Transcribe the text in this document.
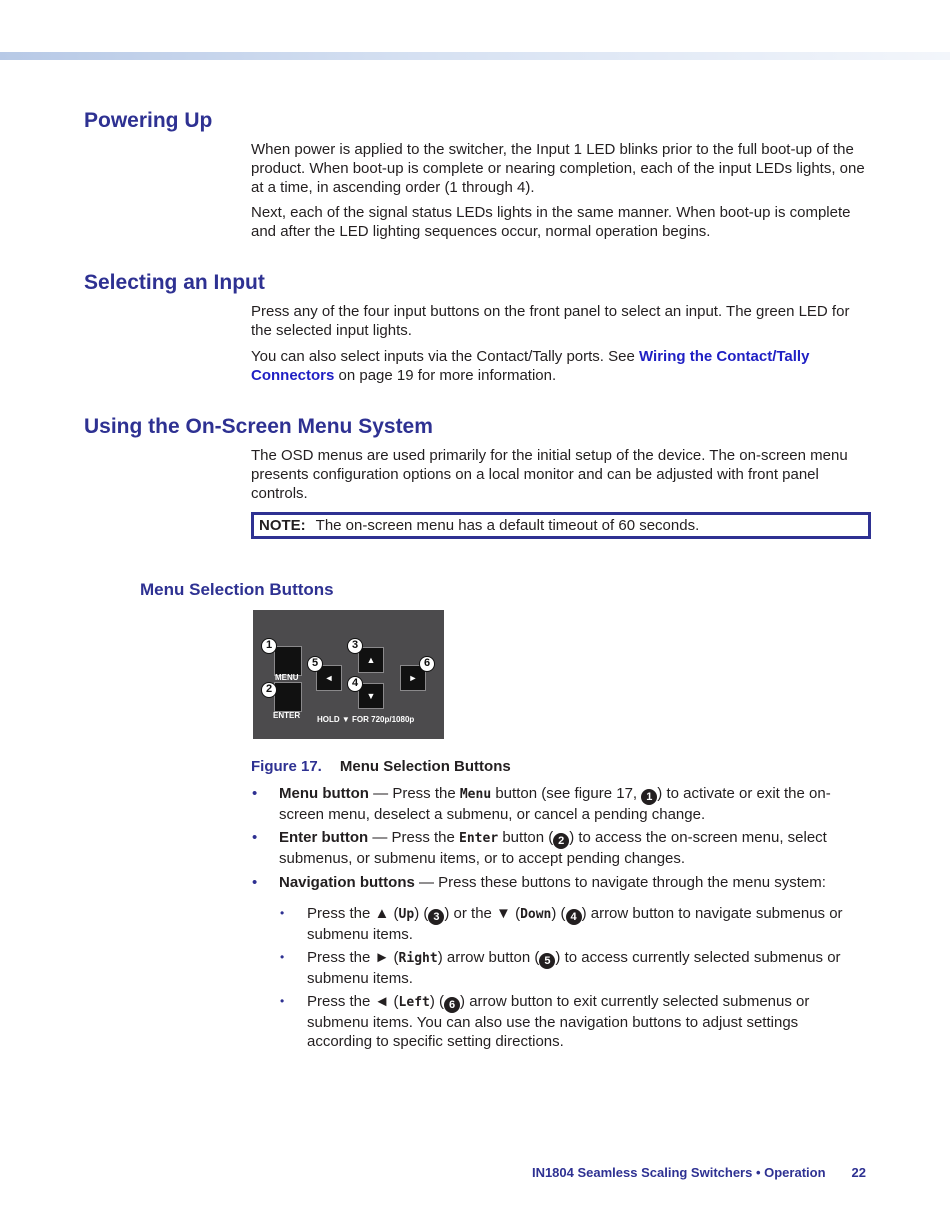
Powering Up

When power is applied to the switcher, the Input 1 LED blinks prior to the full boot-up of the product. When boot-up is complete or nearing completion, each of the input LEDs lights, one at a time, in ascending order (1 through 4).

Next, each of the signal status LEDs lights in the same manner. When boot-up is complete and after the LED lighting sequences occur, normal operation begins.

Selecting an Input

Press any of the four input buttons on the front panel to select an input. The green LED for the selected input lights.

You can also select inputs via the Contact/Tally ports. See Wiring the Contact/Tally Connectors on page 19 for more information.

Using the On-Screen Menu System

The OSD menus are used primarily for the initial setup of the device. The on-screen menu presents configuration options on a local monitor and can be adjusted with front panel controls.

NOTE: The on-screen menu has a default timeout of 60 seconds.
Menu Selection Buttons
MENU
ENTER
▲
▼
◄	►
HOLD ▼ FOR 720p/1080p
1
2
3
4
5	6
Figure 17. Menu Selection Buttons
• Menu button — Press the Menu button (see figure 17, 1 ) to activate or exit the on-screen menu, deselect a submenu, or cancel a pending change.
• Enter button — Press the Enter button ( 2 ) to access the on-screen menu, select submenus, or submenu items, or to accept pending changes.
• Navigation buttons — Press these buttons to navigate through the menu system:
• Press the ▲ (Up) ( 3 ) or the ▼ (Down) ( 4 ) arrow button to navigate submenus or submenu items.
• Press the ► (Right) arrow button ( 5 ) to access currently selected submenus or submenu items.
• Press the ◄ (Left) ( 6 ) arrow button to exit currently selected submenus or submenu items. You can also use the navigation buttons to adjust settings according to specific setting directions.
IN1804 Seamless Scaling Switchers • Operation 22
